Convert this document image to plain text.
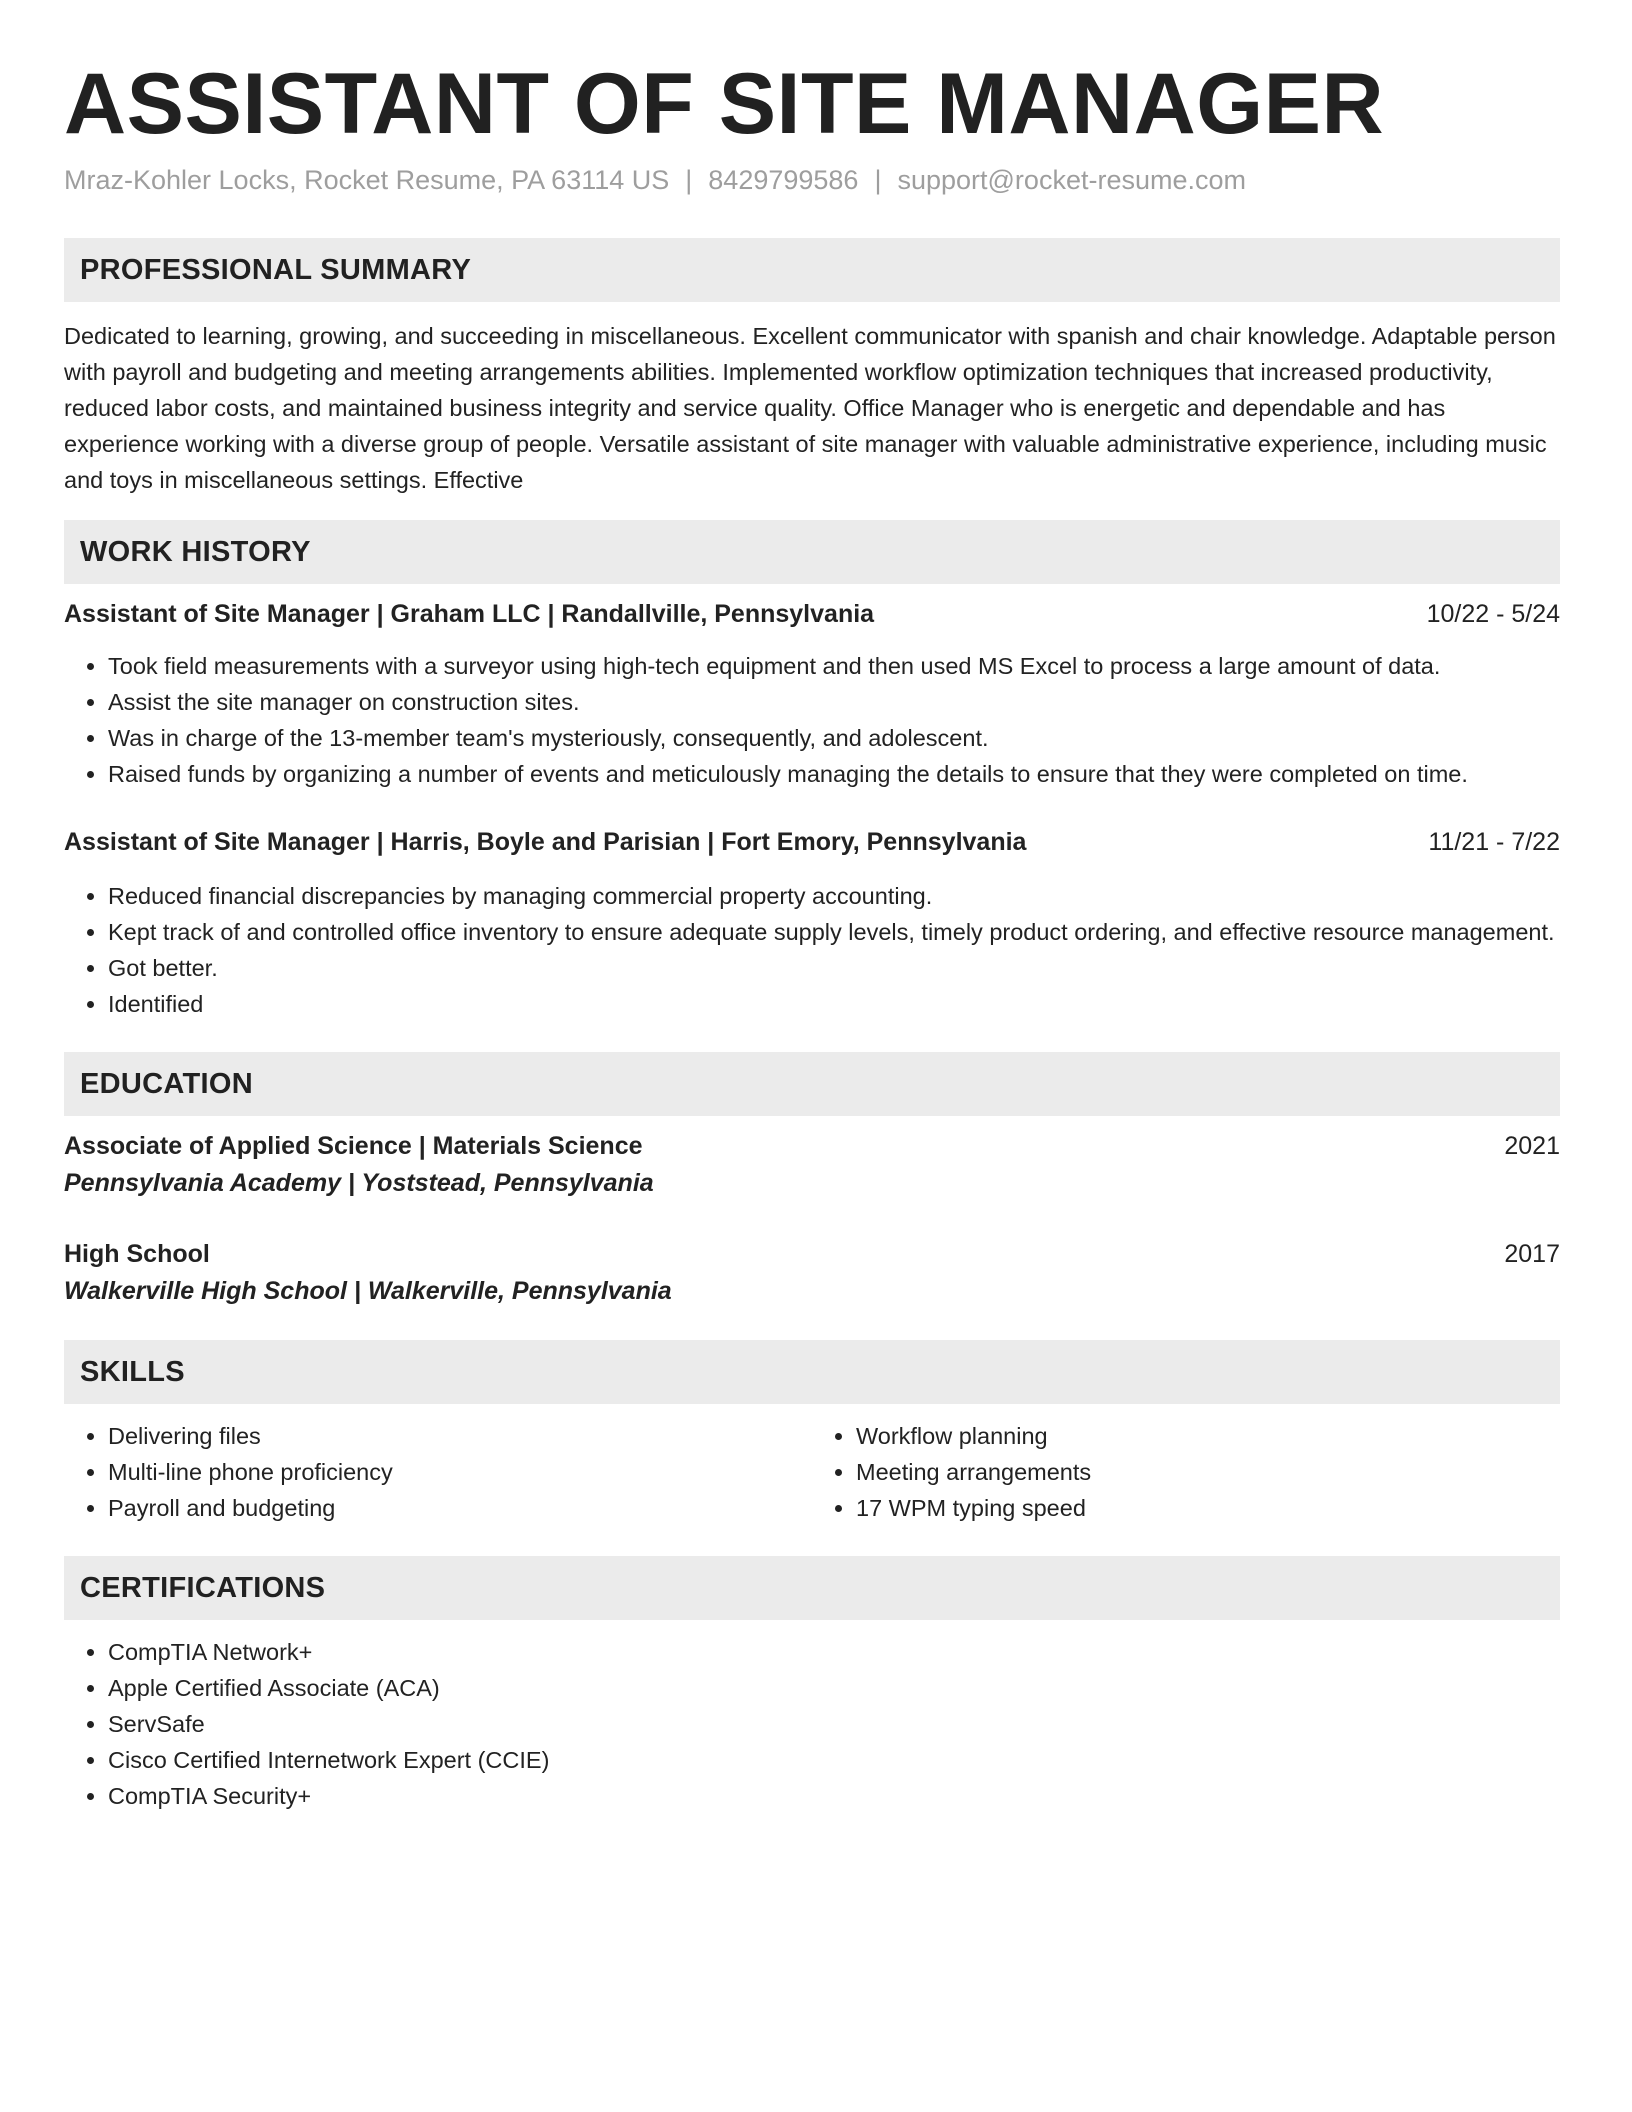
ASSISTANT OF SITE MANAGER
Mraz-Kohler Locks, Rocket Resume, PA 63114 US | 8429799586 | support@rocket-resume.com
PROFESSIONAL SUMMARY
Dedicated to learning, growing, and succeeding in miscellaneous. Excellent communicator with spanish and chair knowledge. Adaptable person with payroll and budgeting and meeting arrangements abilities. Implemented workflow optimization techniques that increased productivity, reduced labor costs, and maintained business integrity and service quality. Office Manager who is energetic and dependable and has experience working with a diverse group of people. Versatile assistant of site manager with valuable administrative experience, including music and toys in miscellaneous settings. Effective
WORK HISTORY
Assistant of Site Manager | Graham LLC | Randallville, Pennsylvania	10/22 - 5/24
• Took field measurements with a surveyor using high-tech equipment and then used MS Excel to process a large amount of data.
• Assist the site manager on construction sites.
• Was in charge of the 13-member team's mysteriously, consequently, and adolescent.
• Raised funds by organizing a number of events and meticulously managing the details to ensure that they were completed on time.
Assistant of Site Manager | Harris, Boyle and Parisian | Fort Emory, Pennsylvania	11/21 - 7/22
• Reduced financial discrepancies by managing commercial property accounting.
• Kept track of and controlled office inventory to ensure adequate supply levels, timely product ordering, and effective resource management.
• Got better.
• Identified
EDUCATION
Associate of Applied Science | Materials Science	2021
Pennsylvania Academy | Yoststead, Pennsylvania
High School	2017
Walkerville High School | Walkerville, Pennsylvania
SKILLS
• Delivering files
• Multi-line phone proficiency
• Payroll and budgeting
• Workflow planning
• Meeting arrangements
• 17 WPM typing speed
CERTIFICATIONS
• CompTIA Network+
• Apple Certified Associate (ACA)
• ServSafe
• Cisco Certified Internetwork Expert (CCIE)
• CompTIA Security+
